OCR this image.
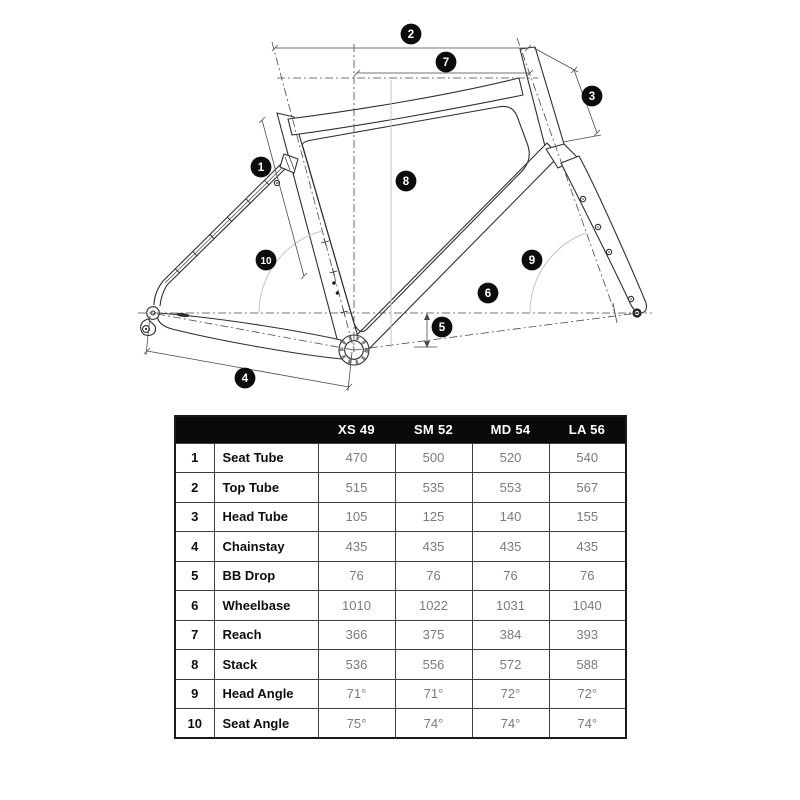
1
2
3
4
5
6
7
8
9
10
		XS 49	SM 52	MD 54	LA 56
1	Seat Tube	470	500	520	540
2	Top Tube	515	535	553	567
3	Head Tube	105	125	140	155
4	Chainstay	435	435	435	435
5	BB Drop	76	76	76	76
6	Wheelbase	1010	1022	1031	1040
7	Reach	366	375	384	393
8	Stack	536	556	572	588
9	Head Angle	71°	71°	72°	72°
10	Seat Angle	75°	74°	74°	74°
